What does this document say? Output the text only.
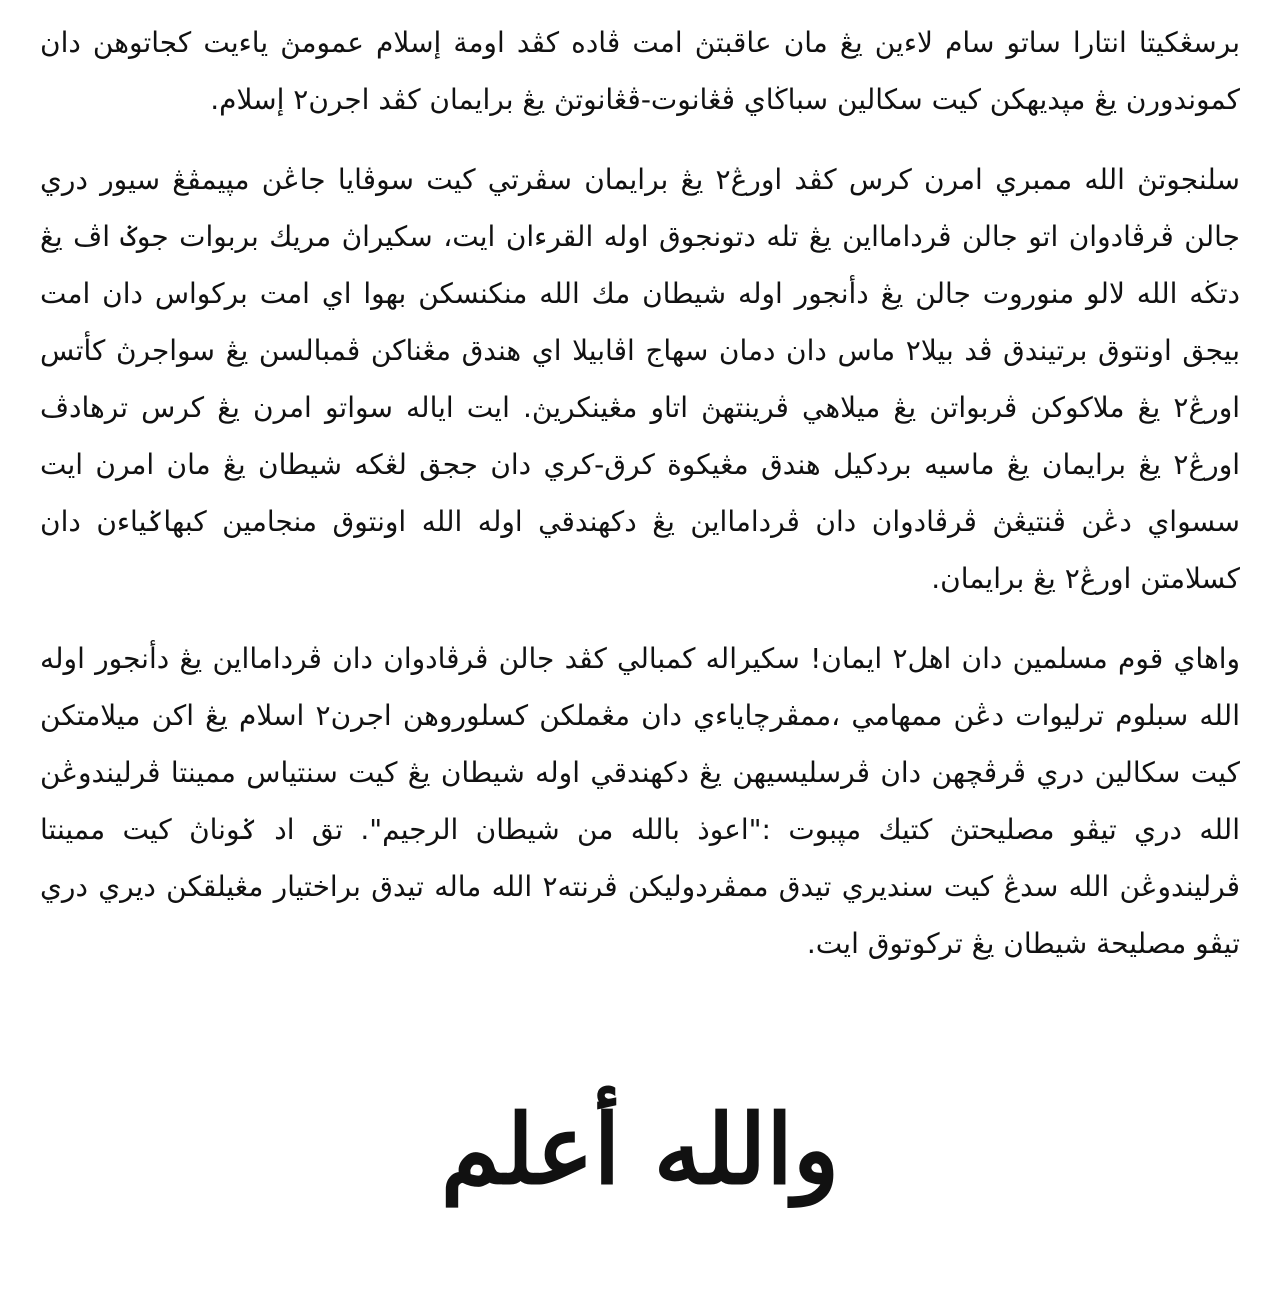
برسڠكيتا انتارا ساتو سام لاءين يڠ مان عاقبتڽ امت ڤاده كڤد اومة إسلام عمومڽ ياءيت كجاتوهن دان كموندورن يڠ مڽديهكن كيت سكالين سباڬاي ڤڠانوت-ڤڠانوتڽ يڠ برايمان كڤد اجرن٢ إسلام.

سلنجوتڽ الله ممبري امرن كرس كڤد اورڠ٢ يڠ برايمان سڤرتي كيت سوڤايا جاڠن مڽيمڤڠ سيور دري جالن ڤرڤادوان اتو جالن ڤردامااين يڠ تله دتونجوق اوله القرءان ايت، سكيراڽ مريك بربوات جوݢ اڤ يڠ دتڬه الله لالو منوروت جالن يڠ دأنجور اوله شيطان مك الله منكنسكن بهوا اي امت بركواس دان امت بيجق اونتوق برتيندق ڤد بيلا٢ ماس دان دمان سهاج اڤابيلا اي هندق مڠناكن ڤمبالسن يڠ سواجرڽ كأتس اورڠ٢ يڠ ملاكوكن ڤربواتن يڠ ميلاهي ڤرينتهڽ اتاو مڠينكريڽ. ايت اياله سواتو امرن يڠ كرس ترهادڤ اورڠ٢ يڠ برايمان يڠ ماسيه بردكيل هندق مڠيكوة كرق-كري دان ججق لڠكه شيطان يڠ مان امرن ايت سسواي دڠن ڤنتيڠڽ ڤرڤادوان دان ڤردامااين يڠ دكهندقي اوله الله اونتوق منجامين كبهاݢياءن دان كسلامتن اورڠ٢ يڠ برايمان.

واهاي قوم مسلمين دان اهل٢ ايمان! سكيراله كمبالي كڤد جالن ڤرڤادوان دان ڤردامااين يڠ دأنجور اوله الله سبلوم ترليوات دڠن ممهامي ،ممڤرچاياءي دان مڠملكن كسلوروهن اجرن٢ اسلام يڠ اكن ميلامتكن كيت سكالين دري ڤرڤچهن دان ڤرسليسيهن يڠ دكهندقي اوله شيطان يڠ كيت سنتياس ممينتا ڤرليندوڠن الله دري تيڤو مصليحتڽ كتيك مڽبوت :"اعوذ بالله من شيطان الرجيم". تق اد ݢوناڽ كيت ممينتا ڤرليندوڠن الله سدڠ كيت سنديري تيدق ممڤردوليكن ڤرنته٢ الله ماله تيدق براختيار مڠيلقكن ديري دري تيڤو مصليحة شيطان يڠ تركوتوق ايت.

والله أعلم
